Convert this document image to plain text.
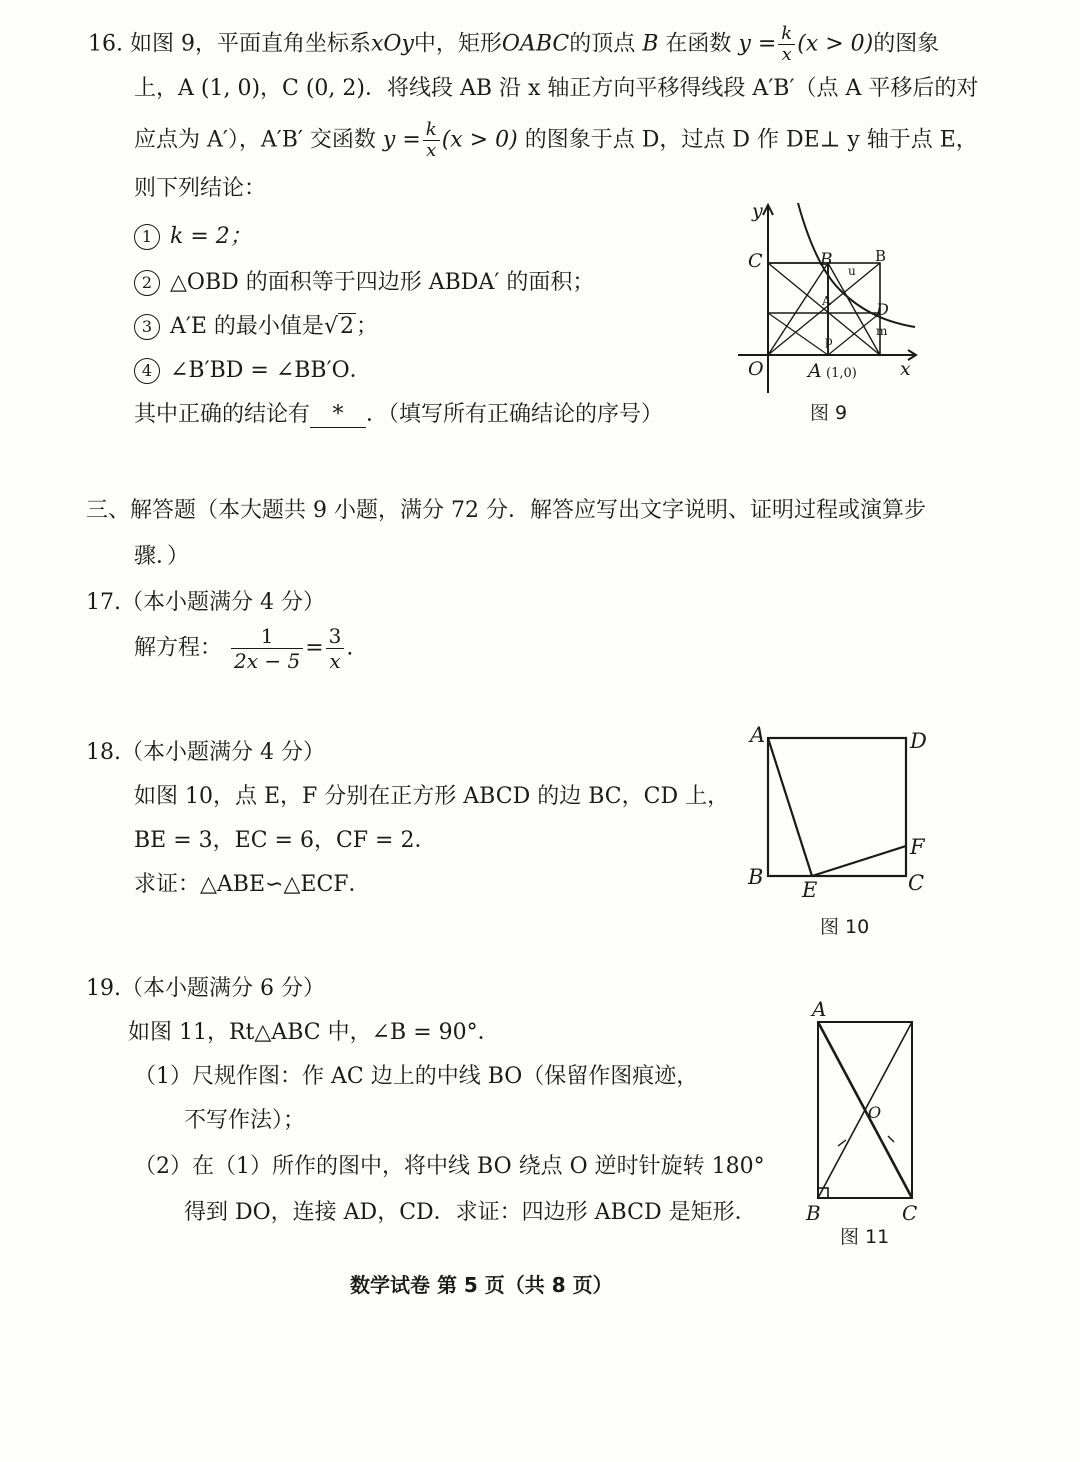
16. 如图 9，平面直角坐标系xOy中，矩形OABC的顶点 B 在函数 $y = \frac{k}{x} (x > 0)$的图象
上，A (1, 0)，C (0, 2)．将线段 AB 沿 x 轴正方向平移得线段 A′B′（点 A 平移后的对
应点为 A′），A′B′ 交函数 $y = \frac{k}{x} (x > 0)$ 的图象于点 D，过点 D 作 DE⊥ y 轴于点 E，
则下列结论：
1 k = 2；
2 △OBD 的面积等于四边形 ABDA′ 的面积；
3 A′E 的最小值是√2；
4 ∠B′BD = ∠BB′O．
其中正确的结论有 * ．（填写所有正确结论的序号）
y
x
O
C	B	B
A (1,0)
D
u
m
p
A
图 9
三、解答题（本大题共 9 小题，满分 72 分．解答应写出文字说明、证明过程或演算步
骤．）
17.（本小题满分 4 分）
解方程： $\frac{1}{2x - 5} = \frac{3}{x}$ .
18.（本小题满分 4 分）
如图 10，点 E，F 分别在正方形 ABCD 的边 BC，CD 上，
BE = 3，EC = 6，CF = 2．
求证：△ABE∽△ECF．
A	D
B
E
F
C
图 10
19.（本小题满分 6 分）
如图 11，Rt△ABC 中，∠B = 90°．
（1）尺规作图：作 AC 边上的中线 BO（保留作图痕迹，
不写作法）；
（2）在（1）所作的图中，将中线 BO 绕点 O 逆时针旋转 180°
得到 DO，连接 AD，CD．求证：四边形 ABCD 是矩形．
A
O
B	C
图 11
数学试卷 第 5 页（共 8 页）
